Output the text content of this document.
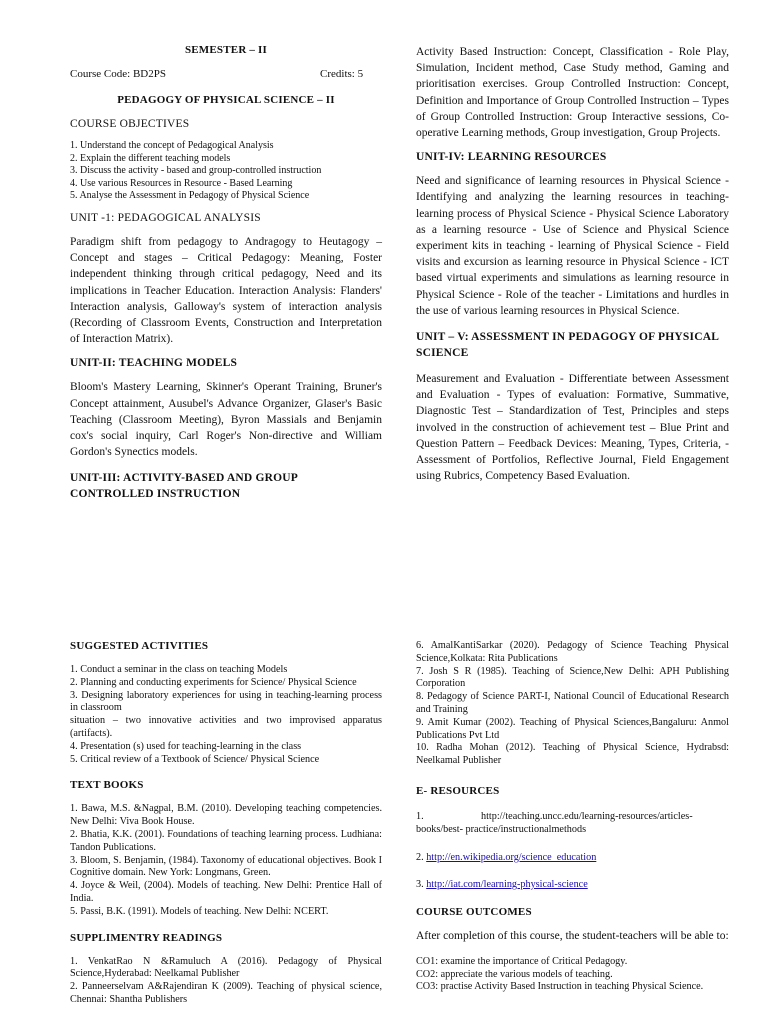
SEMESTER – II
Course Code: BD2PS	Credits: 5
PEDAGOGY OF PHYSICAL SCIENCE – II
COURSE OBJECTIVES
1. Understand the concept of Pedagogical Analysis
2. Explain the different teaching models
3. Discuss the activity - based and group-controlled instruction
4. Use various Resources in Resource - Based Learning
5. Analyse the Assessment in Pedagogy of Physical Science
UNIT -1: PEDAGOGICAL ANALYSIS
Paradigm shift from pedagogy to Andragogy to Heutagogy – Concept and stages – Critical Pedagogy: Meaning, Foster independent thinking through critical pedagogy, Need and its implications in Teacher Education. Interaction Analysis: Flanders' Interaction analysis, Galloway's system of interaction analysis (Recording of Classroom Events, Construction and Interpretation of Interaction Matrix).
UNIT-II: TEACHING MODELS
Bloom's Mastery Learning, Skinner's Operant Training, Bruner's Concept attainment, Ausubel's Advance Organizer, Glaser's Basic Teaching (Classroom Meeting), Byron Massials and Benjamin cox's social inquiry, Carl Roger's Non-directive and William Gordon's Synectics models.
UNIT-III: ACTIVITY-BASED AND GROUP CONTROLLED INSTRUCTION
Activity Based Instruction: Concept, Classification - Role Play, Simulation, Incident method, Case Study method, Gaming and prioritisation exercises. Group Controlled Instruction: Concept, Definition and Importance of Group Controlled Instruction – Types of Group Controlled Instruction: Group Interactive sessions, Co-operative Learning methods, Group investigation, Group Projects.
UNIT-IV: LEARNING RESOURCES
Need and significance of learning resources in Physical Science - Identifying and analyzing the learning resources in teaching-learning process of Physical Science - Physical Science Laboratory as a learning resource - Use of Science and Physical Science experiment kits in teaching - learning of Physical Science - Field visits and excursion as learning resource in Physical Science - ICT based virtual experiments and simulations as learning resource in Physical Science - Role of the teacher - Limitations and hurdles in the use of various learning resources in Physical Science.
UNIT – V: ASSESSMENT IN PEDAGOGY OF PHYSICAL SCIENCE
Measurement and Evaluation - Differentiate between Assessment and Evaluation - Types of evaluation: Formative, Summative, Diagnostic Test – Standardization of Test, Principles and steps involved in the construction of achievement test – Blue Print and Question Pattern – Feedback Devices: Meaning, Types, Criteria, - Assessment of Portfolios, Reflective Journal, Field Engagement using Rubrics, Competency Based Evaluation.
SUGGESTED ACTIVITIES
1. Conduct a seminar in the class on teaching Models
2. Planning and conducting experiments for Science/ Physical Science
3. Designing laboratory experiences for using in teaching-learning process in classroom
situation – two innovative activities and two improvised apparatus (artifacts).
4. Presentation (s) used for teaching-learning in the class
5. Critical review of a Textbook of Science/ Physical Science
TEXT BOOKS
1. Bawa, M.S. &Nagpal, B.M. (2010). Developing teaching competencies. New Delhi: Viva Book House.
2. Bhatia, K.K. (2001). Foundations of teaching learning process. Ludhiana: Tandon Publications.
3. Bloom, S. Benjamin, (1984). Taxonomy of educational objectives. Book I Cognitive domain. New York: Longmans, Green.
4. Joyce & Weil, (2004). Models of teaching. New Delhi: Prentice Hall of India.
5. Passi, B.K. (1991). Models of teaching. New Delhi: NCERT.
SUPPLIMENTRY READINGS
1. VenkatRao N &Ramuluch A (2016). Pedagogy of Physical Science,Hyderabad: Neelkamal Publisher
2. Panneerselvam A&Rajendiran K (2009). Teaching of physical science, Chennai: Shantha Publishers
6. AmalKantiSarkar (2020). Pedagogy of Science Teaching Physical Science,Kolkata: Rita Publications
7. Josh S R (1985). Teaching of Science,New Delhi: APH Publishing Corporation
8. Pedagogy of Science PART-I, National Council of Educational Research and Training
9. Amit Kumar (2002). Teaching of Physical Sciences,Bangaluru: Anmol Publications Pvt Ltd
10. Radha Mohan (2012). Teaching of Physical Science, Hydrabsd: Neelkamal Publisher
E- RESOURCES
1.	http://teaching.uncc.edu/learning-resources/articles-
books/best- practice/instructionalmethods
2. http://en.wikipedia.org/science_education
3. http://iat.com/learning-physical-science
COURSE OUTCOMES
After completion of this course, the student-teachers will be able to:
CO1: examine the importance of Critical Pedagogy.
CO2: appreciate the various models of teaching.
CO3: practise Activity Based Instruction in teaching Physical Science.
